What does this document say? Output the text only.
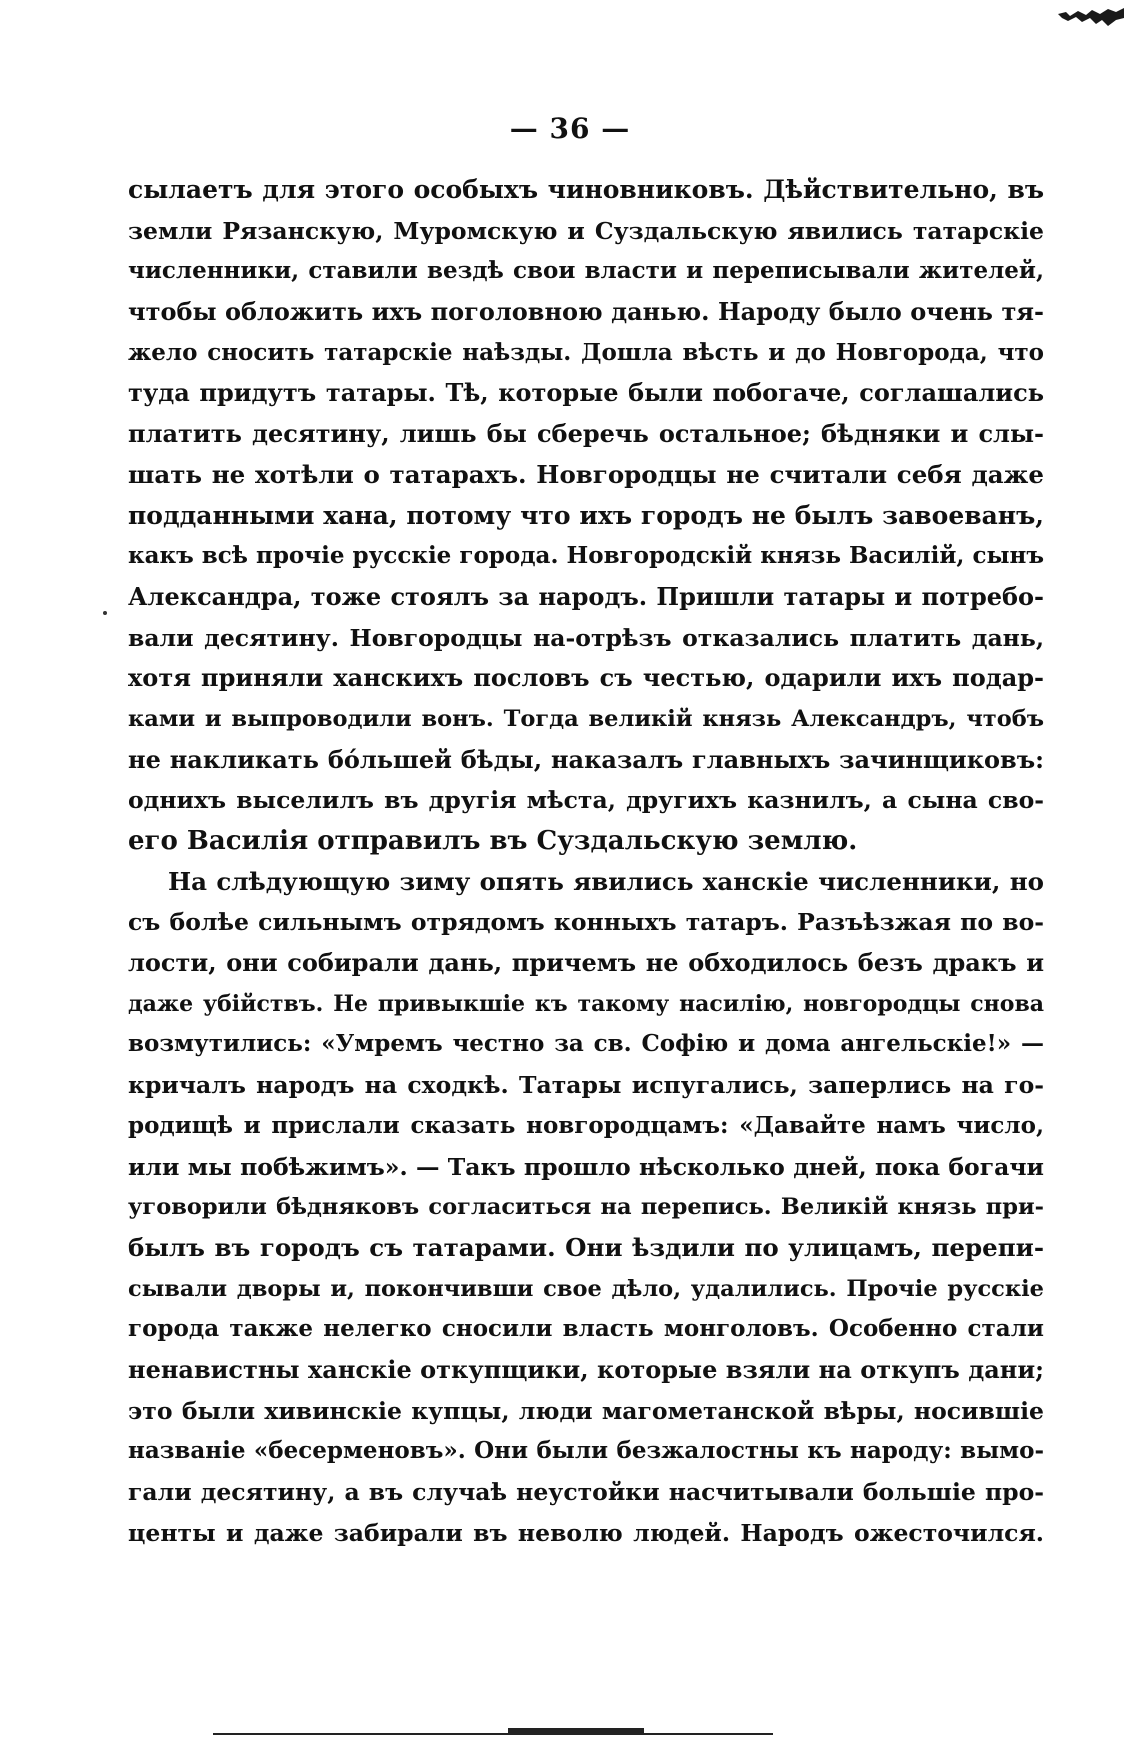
— 36 —
сылаетъ для этого особыхъ чиновниковъ. Дѣйствительно, въ
земли Рязанскую, Муромскую и Суздальскую явились татарскіе
численники, ставили вездѣ свои власти и переписывали жителей,
чтобы обложить ихъ поголовною данью. Народу было очень тя-
жело сносить татарскіе наѣзды. Дошла вѣсть и до Новгорода, что
туда придутъ татары. Тѣ, которые были побогаче, соглашались
платить десятину, лишь бы сберечь остальное; бѣдняки и слы-
шать не хотѣли о татарахъ. Новгородцы не считали себя даже
подданными хана, потому что ихъ городъ не былъ завоеванъ,
какъ всѣ прочіе русскіе города. Новгородскій князь Василій, сынъ
Александра, тоже стоялъ за народъ. Пришли татары и потребо-
вали десятину. Новгородцы на-отрѣзъ отказались платить дань,
хотя приняли ханскихъ пословъ съ честью, одарили ихъ подар-
ками и выпроводили вонъ. Тогда великій князь Александръ, чтобъ
не накликать бо́льшей бѣды, наказалъ главныхъ зачинщиковъ:
однихъ выселилъ въ другія мѣста, другихъ казнилъ, а сына сво-
его Василія отправилъ въ Суздальскую землю.
На слѣдующую зиму опять явились ханскіе численники, но
съ болѣе сильнымъ отрядомъ конныхъ татаръ. Разъѣзжая по во-
лости, они собирали дань, причемъ не обходилось безъ дракъ и
даже убійствъ. Не привыкшіе къ такому насилію, новгородцы снова
возмутились: «Умремъ честно за св. Софію и дома ангельскіе!» —
кричалъ народъ на сходкѣ. Татары испугались, заперлись на го-
родищѣ и прислали сказать новгородцамъ: «Давайте намъ число,
или мы побѣжимъ». — Такъ прошло нѣсколько дней, пока богачи
уговорили бѣдняковъ согласиться на перепись. Великій князь при-
былъ въ городъ съ татарами. Они ѣздили по улицамъ, перепи-
сывали дворы и, покончивши свое дѣло, удалились. Прочіе русскіе
города также нелегко сносили власть монголовъ. Особенно стали
ненавистны ханскіе откупщики, которые взяли на откупъ дани;
это были хивинскіе купцы, люди магометанской вѣры, носившіе
названіе «бесерменовъ». Они были безжалостны къ народу: вымо-
гали десятину, а въ случаѣ неустойки насчитывали большіе про-
центы и даже забирали въ неволю людей. Народъ ожесточился.
